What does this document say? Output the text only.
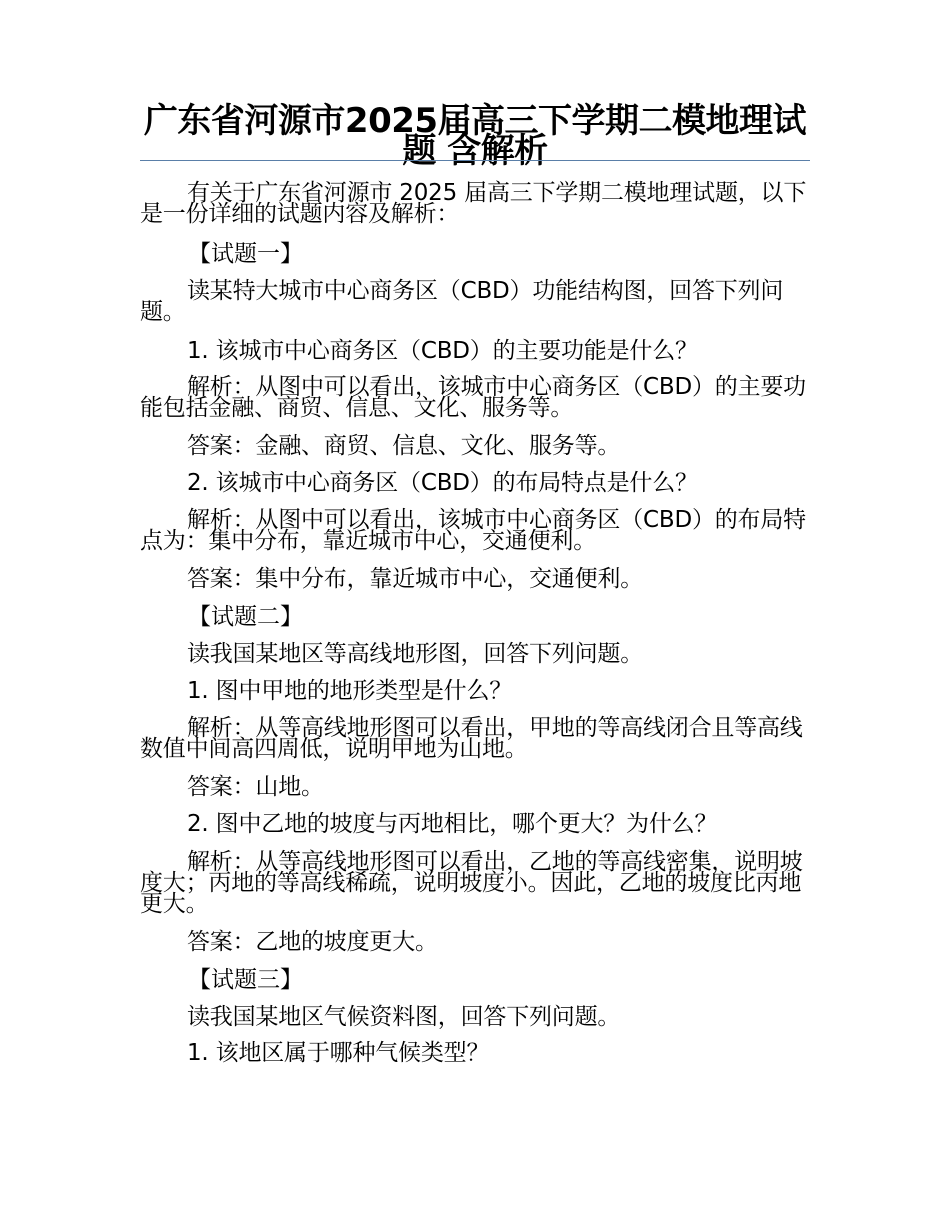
广东省河源市2025届高三下学期二模地理试题 含解析
有关于广东省河源市 2025 届高三下学期二模地理试题，以下是一份详细的试题内容及解析：
【试题一】
读某特大城市中心商务区（CBD）功能结构图，回答下列问题。
1. 该城市中心商务区（CBD）的主要功能是什么？
解析：从图中可以看出，该城市中心商务区（CBD）的主要功能包括金融、商贸、信息、文化、服务等。
答案：金融、商贸、信息、文化、服务等。
2. 该城市中心商务区（CBD）的布局特点是什么？
解析：从图中可以看出，该城市中心商务区（CBD）的布局特点为：集中分布，靠近城市中心，交通便利。
答案：集中分布，靠近城市中心，交通便利。
【试题二】
读我国某地区等高线地形图，回答下列问题。
1. 图中甲地的地形类型是什么？
解析：从等高线地形图可以看出，甲地的等高线闭合且等高线数值中间高四周低，说明甲地为山地。
答案：山地。
2. 图中乙地的坡度与丙地相比，哪个更大？为什么？
解析：从等高线地形图可以看出，乙地的等高线密集，说明坡度大；丙地的等高线稀疏，说明坡度小。因此，乙地的坡度比丙地更大。
答案：乙地的坡度更大。
【试题三】
读我国某地区气候资料图，回答下列问题。
1. 该地区属于哪种气候类型？
